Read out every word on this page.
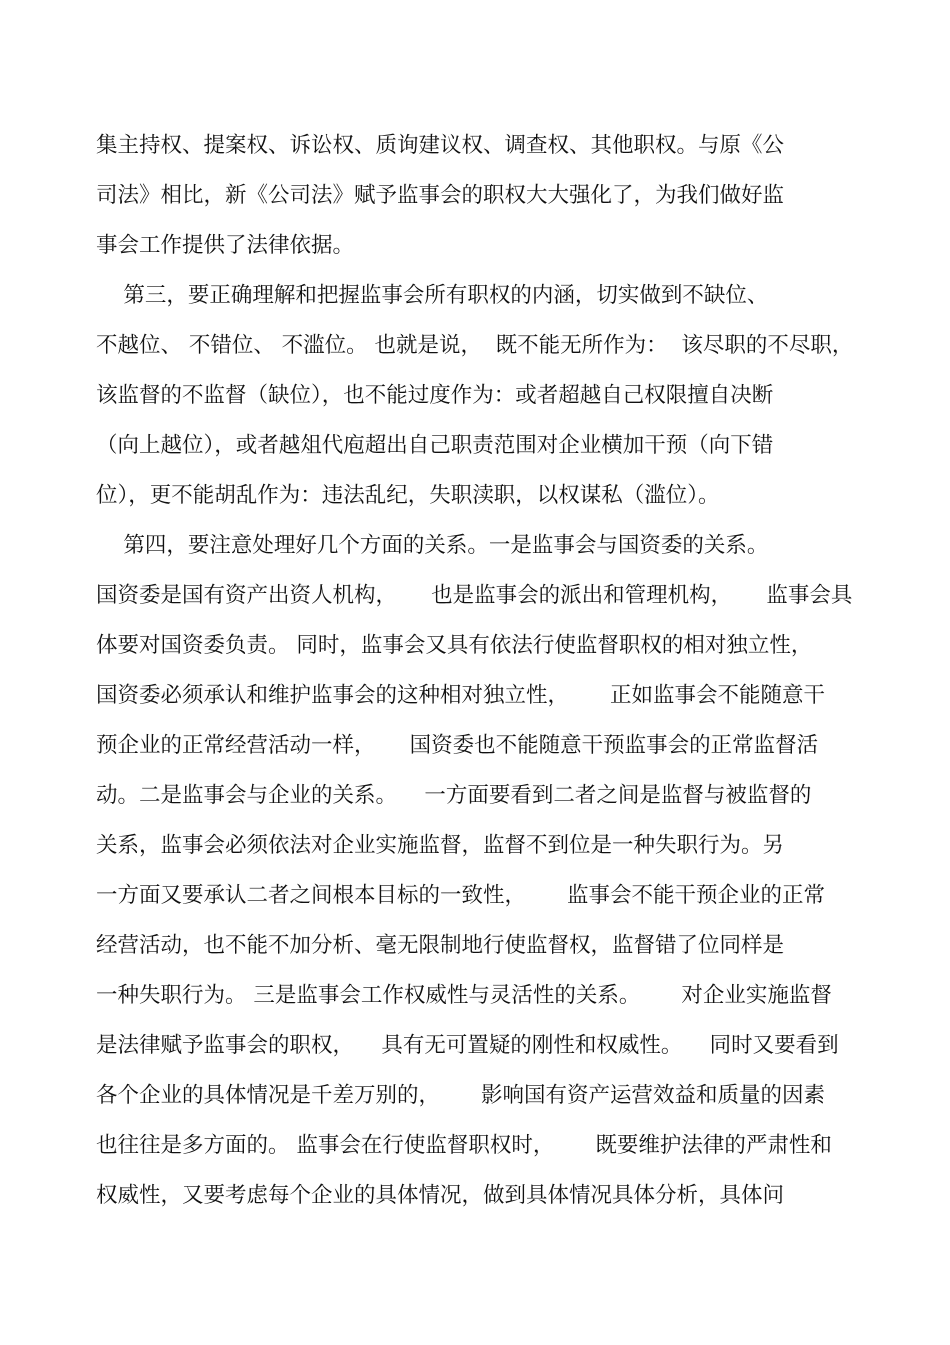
集主持权、提案权、诉讼权、质询建议权、调查权、其他职权。与原《公
司法》相比，新《公司法》赋予监事会的职权大大强化了，为我们做好监
事会工作提供了法律依据。
第三，要正确理解和把握监事会所有职权的内涵，切实做到不缺位、
不越位、 不错位、 不滥位。 也就是说，  既不能无所作为：  该尽职的不尽职，
该监督的不监督（缺位），也不能过度作为：或者超越自己权限擅自决断
（向上越位），或者越俎代庖超出自己职责范围对企业横加干预（向下错
位），更不能胡乱作为：违法乱纪，失职渎职，以权谋私（滥位）。
第四，要注意处理好几个方面的关系。一是监事会与国资委的关系。
国资委是国有资产出资人机构，     也是监事会的派出和管理机构，     监事会具
体要对国资委负责。 同时，监事会又具有依法行使监督职权的相对独立性，
国资委必须承认和维护监事会的这种相对独立性，      正如监事会不能随意干
预企业的正常经营活动一样，     国资委也不能随意干预监事会的正常监督活
动。二是监事会与企业的关系。    一方面要看到二者之间是监督与被监督的
关系，监事会必须依法对企业实施监督，监督不到位是一种失职行为。另
一方面又要承认二者之间根本目标的一致性，      监事会不能干预企业的正常
经营活动，也不能不加分析、毫无限制地行使监督权，监督错了位同样是
一种失职行为。 三是监事会工作权威性与灵活性的关系。      对企业实施监督
是法律赋予监事会的职权，    具有无可置疑的刚性和权威性。    同时又要看到
各个企业的具体情况是千差万别的，      影响国有资产运营效益和质量的因素
也往往是多方面的。 监事会在行使监督职权时，      既要维护法律的严肃性和
权威性，又要考虑每个企业的具体情况，做到具体情况具体分析，具体问
